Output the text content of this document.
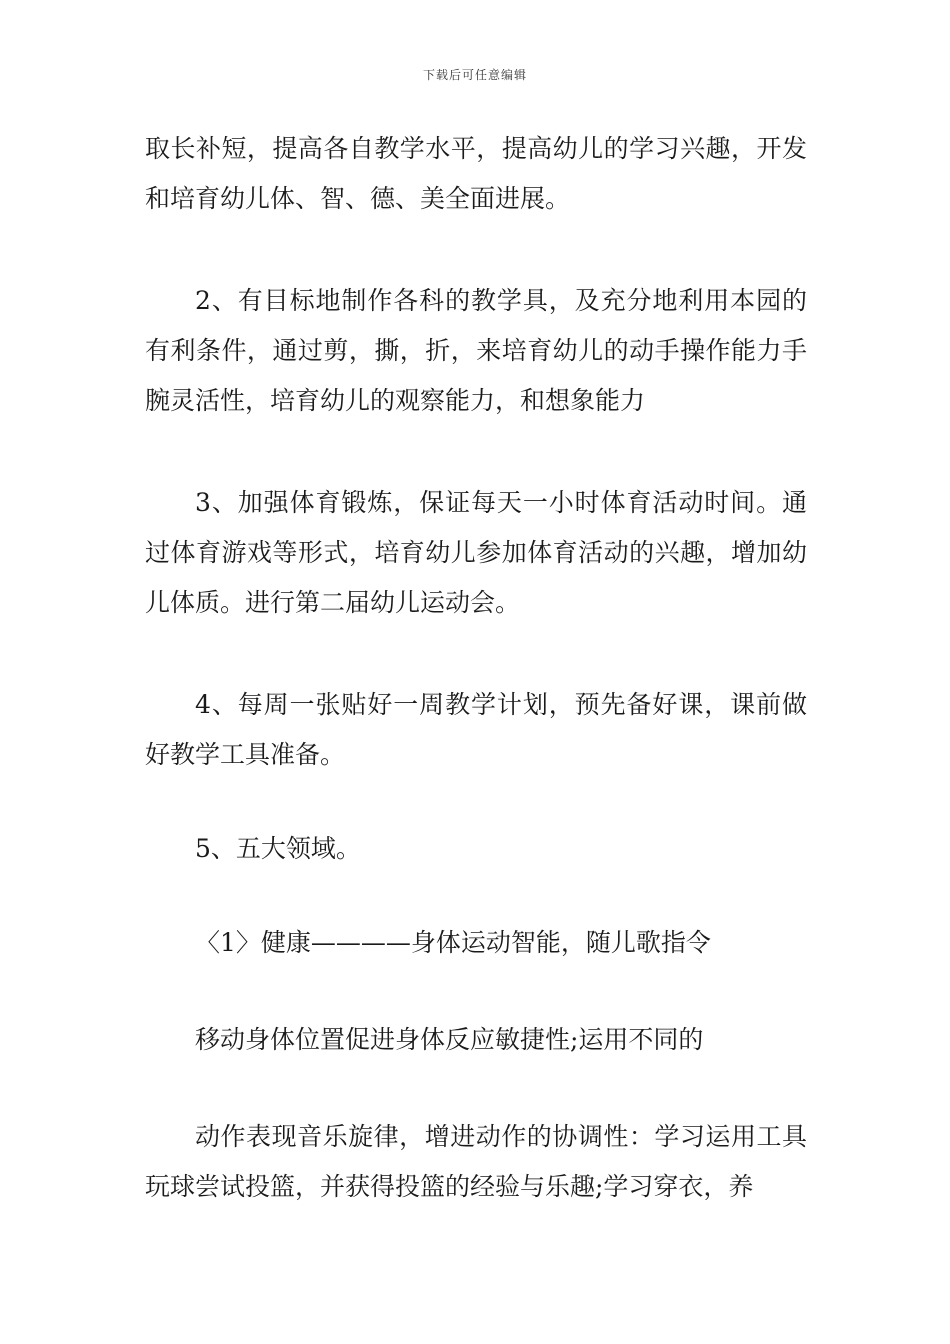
下载后可任意编辑

取长补短，提高各自教学水平，提高幼儿的学习兴趣，开发和培育幼儿体、智、德、美全面进展。

2、有目标地制作各科的教学具，及充分地利用本园的有利条件，通过剪，撕，折，来培育幼儿的动手操作能力手腕灵活性，培育幼儿的观察能力，和想象能力

3、加强体育锻炼，保证每天一小时体育活动时间。通过体育游戏等形式，培育幼儿参加体育活动的兴趣，增加幼儿体质。进行第二届幼儿运动会。

4、每周一张贴好一周教学计划，预先备好课，课前做好教学工具准备。

5、五大领域。

〈1〉健康————身体运动智能，随儿歌指令

移动身体位置促进身体反应敏捷性;运用不同的

动作表现音乐旋律，增进动作的协调性：学习运用工具玩球尝试投篮，并获得投篮的经验与乐趣;学习穿衣，养
